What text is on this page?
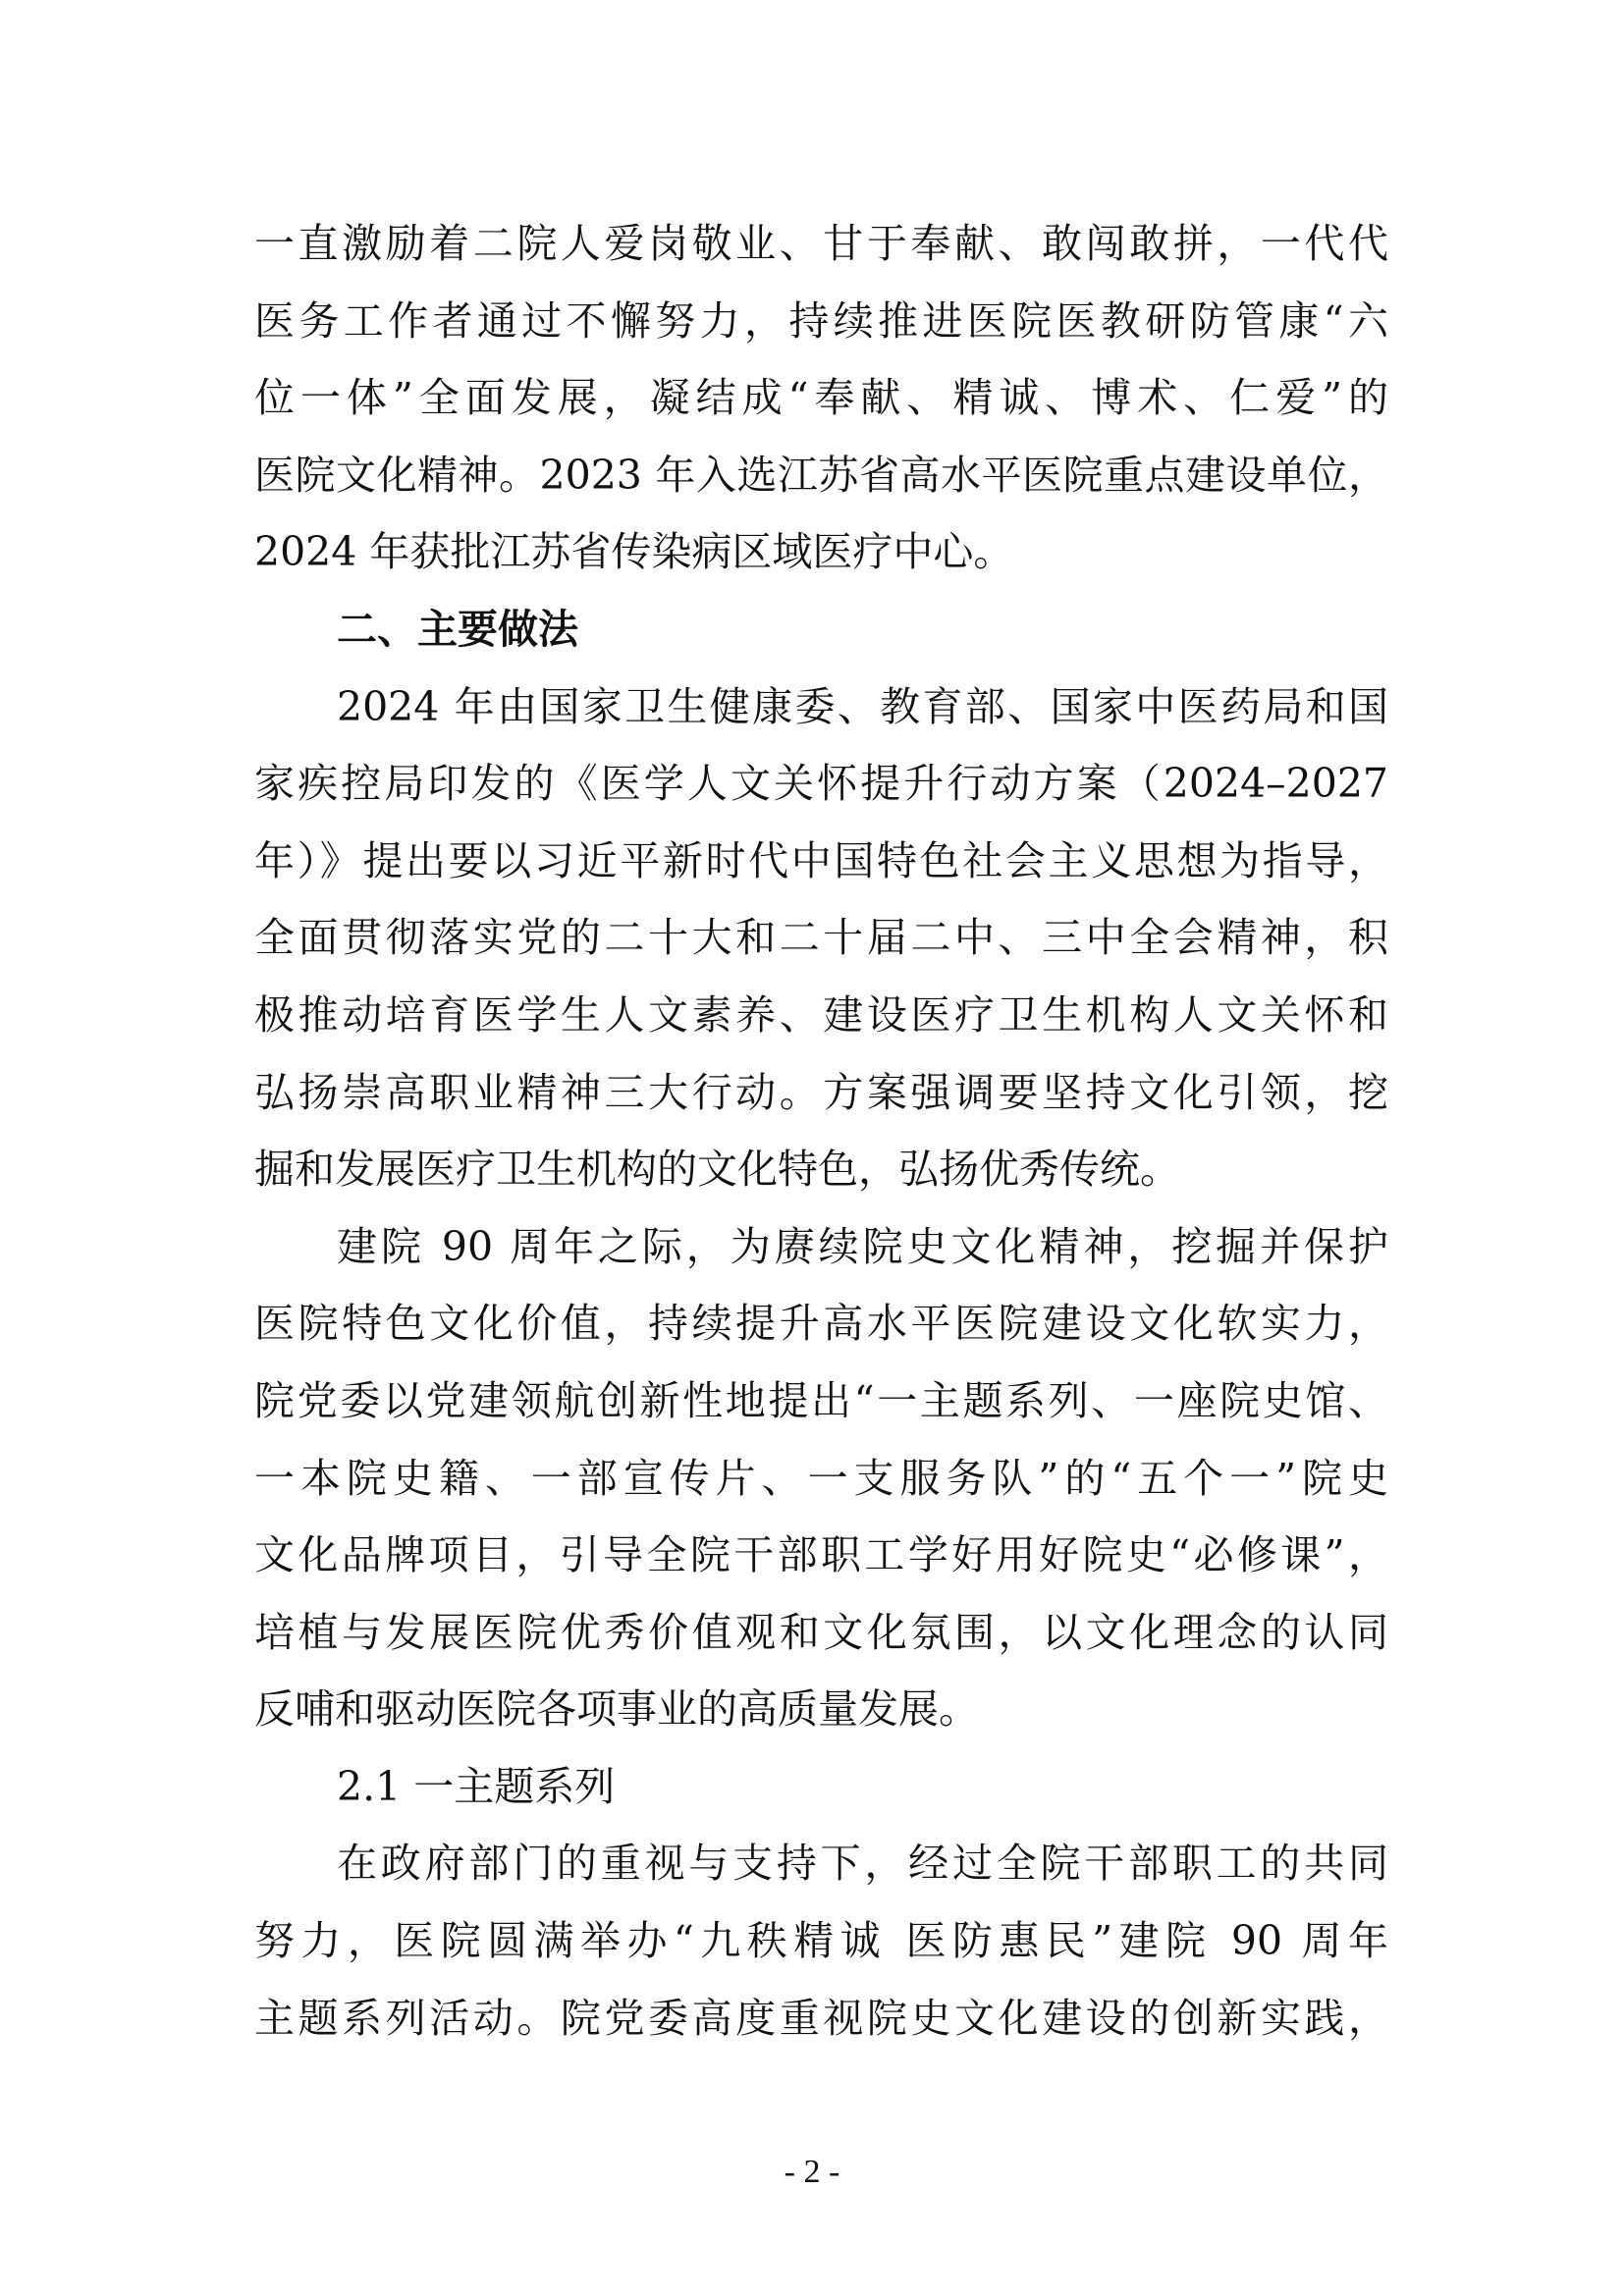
一直激励着二院人爱岗敬业、甘于奉献、敢闯敢拼，一代代
医务工作者通过不懈努力，持续推进医院医教研防管康“六
位一体”全面发展，凝结成“奉献、精诚、博术、仁爱”的
医院文化精神。2023 年入选江苏省高水平医院重点建设单位，
2024 年获批江苏省传染病区域医疗中心。
二、主要做法
2024 年由国家卫生健康委、教育部、国家中医药局和国
家疾控局印发的《医学人文关怀提升行动方案（2024–2027
年）》提出要以习近平新时代中国特色社会主义思想为指导，
全面贯彻落实党的二十大和二十届二中、三中全会精神，积
极推动培育医学生人文素养、建设医疗卫生机构人文关怀和
弘扬崇高职业精神三大行动。方案强调要坚持文化引领，挖
掘和发展医疗卫生机构的文化特色，弘扬优秀传统。
建院 90 周年之际，为赓续院史文化精神，挖掘并保护
医院特色文化价值，持续提升高水平医院建设文化软实力，
院党委以党建领航创新性地提出“一主题系列、一座院史馆、
一本院史籍、一部宣传片、一支服务队”的“五个一”院史
文化品牌项目，引导全院干部职工学好用好院史“必修课”，
培植与发展医院优秀价值观和文化氛围，以文化理念的认同
反哺和驱动医院各项事业的高质量发展。
2.1 一主题系列
在政府部门的重视与支持下，经过全院干部职工的共同
努力，医院圆满举办“九秩精诚 医防惠民”建院 90 周年
主题系列活动。院党委高度重视院史文化建设的创新实践，
- 2 -
